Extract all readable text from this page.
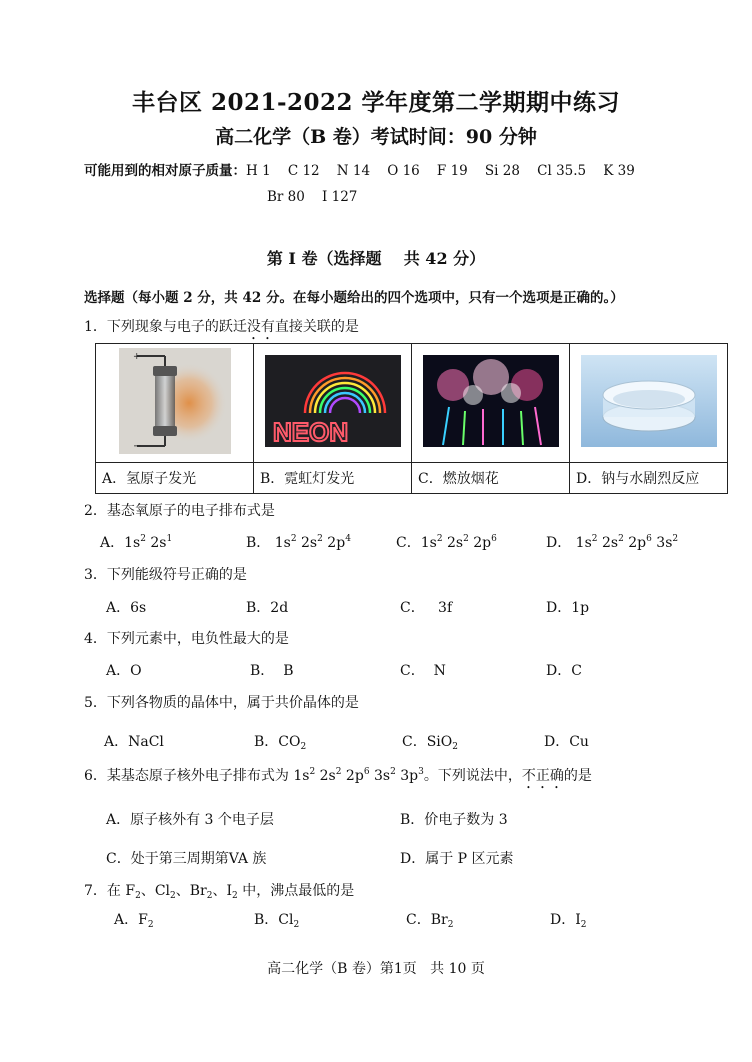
丰台区 2021-2022 学年度第二学期期中练习
高二化学（B 卷）考试时间：90 分钟
可能用到的相对原子质量：H 1    C 12    N 14    O 16    F 19    Si 28    Cl 35.5    K 39
Br 80    I 127
第 I 卷（选择题    共 42 分）
选择题（每小题 2 分，共 42 分。在每小题给出的四个选项中，只有一个选项是正确的。）
1．下列现象与电子的跃迁没有直接关联的是
+
−	NEON

A．氢原子发光	B．霓虹灯发光	C．燃放烟花	D．钠与水剧烈反应
2．基态氧原子的电子排布式是
A．$1s^2$ $2s^1$	B． $1s^2$ $2s^2$ $2p^4$	C．$1s^2$ $2s^2$ $2p^6$	D． $1s^2$ $2s^2$ $2p^6$ $3s^2$
3．下列能级符号正确的是
A．6s	B．2d	C．   3f	D．1p
4．下列元素中，电负性最大的是
A．O	B．  B	C．  N	D．C
5．下列各物质的晶体中，属于共价晶体的是
A．NaCl	B．$CO_2$	C．SiO$_2$	D．Cu
6．某基态原子核外电子排布式为 $1s^2$ $2s^2$ $2p^6$ $3s^2$ $3p^3$。下列说法中，不正确的是
A．原子核外有 3 个电子层	B．价电子数为 3
C．处于第三周期第VA 族	D．属于 P 区元素
7．在 $F_2$、$Cl_2$、$Br_2$、$I_2$ 中，沸点最低的是
A．$F_2$	B．$Cl_2$	C．$Br_2$	D．$I_2$
高二化学（B 卷）第1页   共 10 页
